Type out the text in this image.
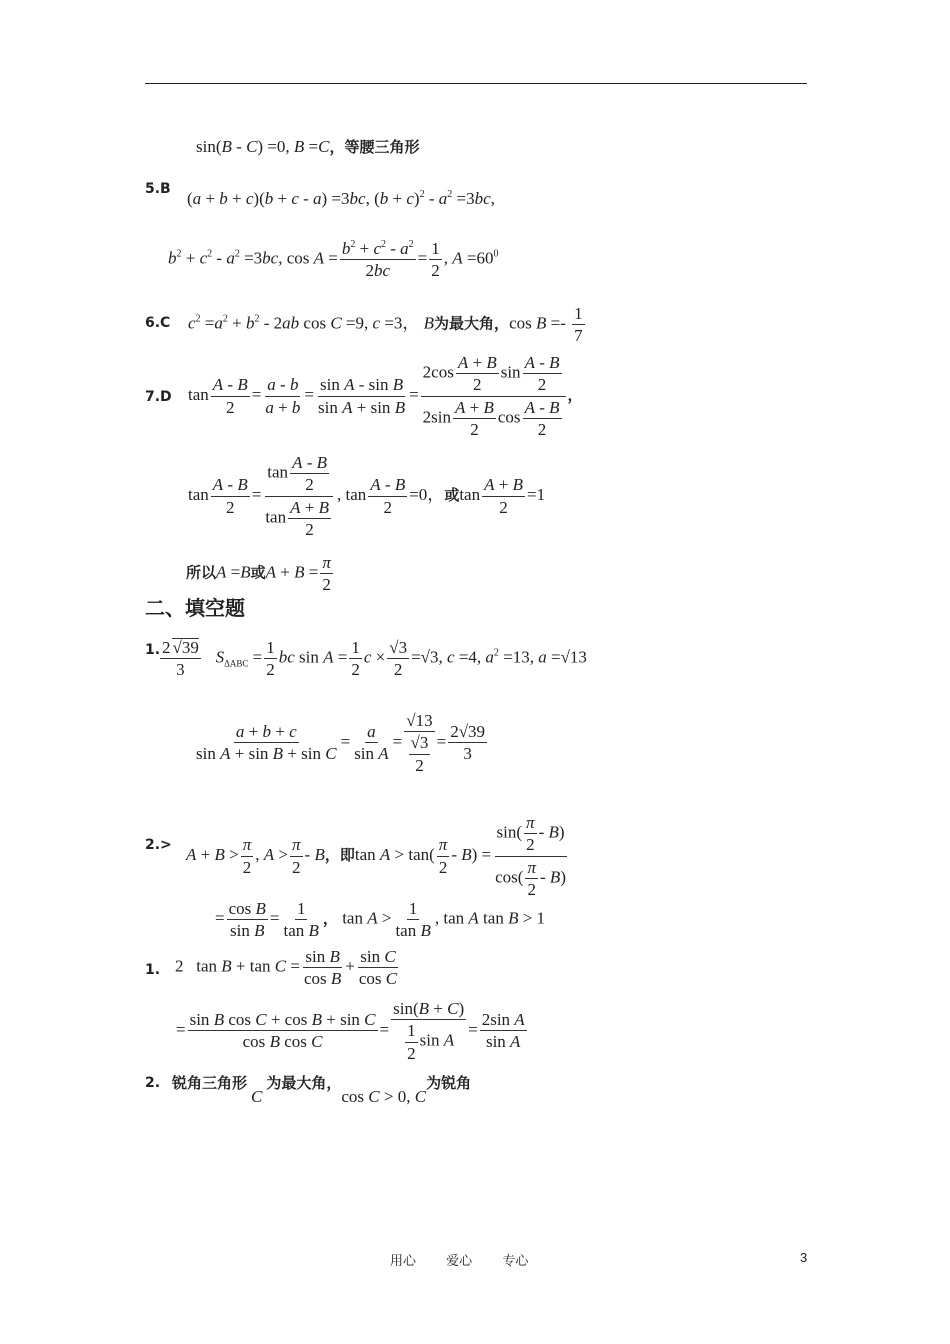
sin(B - C) =0, B =C，等腰三角形
5.B (a + b + c)(b + c - a) =3bc, $(b + c)^2 - a^2 =3bc$,
$b^2 + c^2 - a^2 =3bc$, $\cos A = \frac{b^2 + c^2 - a^2}{2bc} = \frac{1}{2}$ , $A =60^0$
6.C $c^2 =a^2 + b^2 - 2ab$ cos C =9, c =3， B为最大角，$\cos B =- \frac{1}{7}$
7.D $\tan \frac{A - B}{2} = \frac{a - b}{a + b} = \frac{\text{sin A - sin B}}{\text{sin A + sin B}} = \frac{2\cos \frac{A + B}{2} \sin \frac{A - B}{2}}{2\sin \frac{A + B}{2} \cos \frac{A - B}{2}}$ ，
$\tan \frac{A - B}{2} = \frac{\tan \frac{A - B}{2}}{\tan \frac{A + B}{2}}$ , $\tan \frac{A - B}{2} =0$，或$\tan \frac{A + B}{2} =1$
所以A =B或$A + B = \frac{\pi}{2}$
二、填空题
1. $\frac{2 √39}{3} S_{\Delta ABC} = \frac{1}{2}$ bc $\sin A = \frac{1}{2}$ $c \times \frac{√3}{2} =√3$, c =4, $a^2 =13$, a =√13
$\frac{a + b + c}{\text{sin A + sin B + sin C}} = \frac{a}{\text{sin A}} = \frac{√13}{\frac{√3}{2}} = \frac{2√39}{3}$
$2.> A + B > \frac{\pi}{2}$ , $A > \frac{\pi}{2} - B$，即$\tan A > \tan( \frac{\pi}{2} - B) = \frac{\sin( \frac{\pi}{2} - B)}{\cos( \frac{\pi}{2} - B)}$
= $\frac{\text{cos B}}{\text{sin B}} = \frac{1}{\text{tan B}}$ ， $\tan A > \frac{1}{\text{tan B}}$ , tan A tan B > 1
1. 2   $\tan B + \tan C = \frac{\text{sin B}}{\text{cos B}} + \frac{\text{sin C}}{\text{cos C}}$
= $\frac{\text{sin B cos C + cos B + sin C}}{\text{cos B cos C}} = \frac{\sin(B + C)}{\frac{1}{2} \sin A} = \frac{\text{2sin A}}{\text{sin A}}$
2. 锐角三角形C为最大角，cos C > 0, C为锐角
用心 爱心 专心	3
